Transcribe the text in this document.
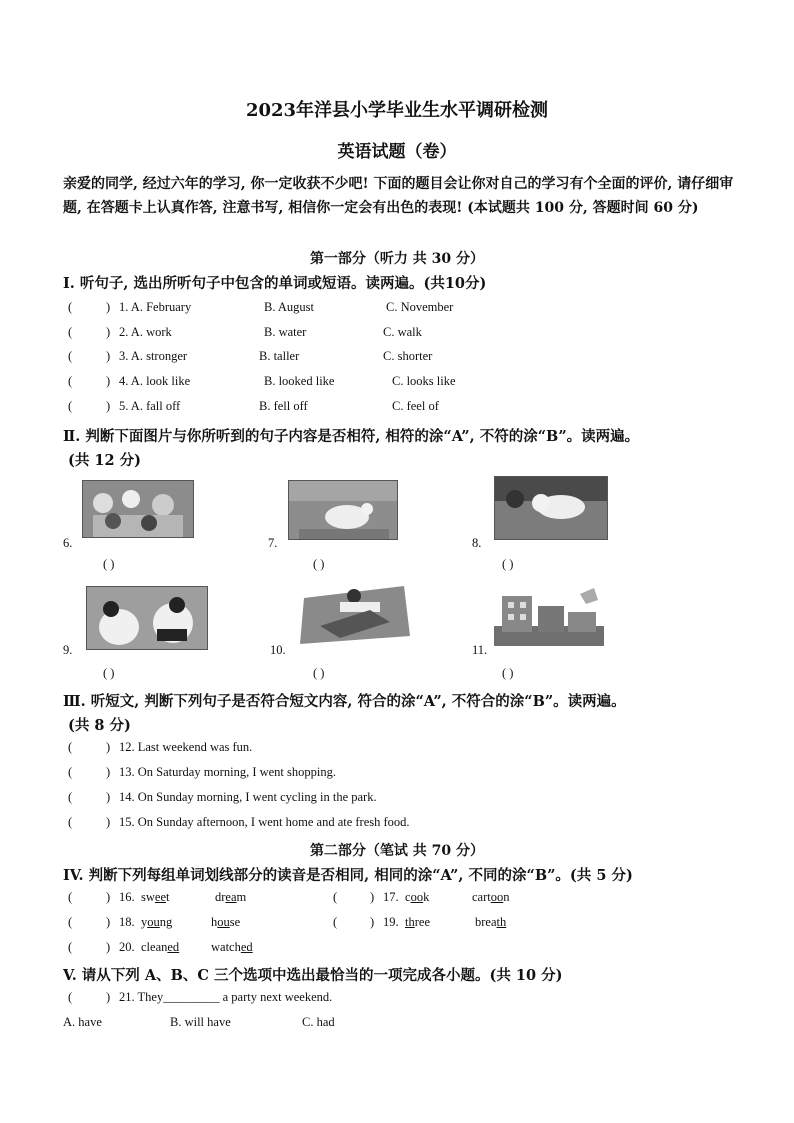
2023年洋县小学毕业生水平调研检测
英语试题（卷）
亲爱的同学, 经过六年的学习, 你一定收获不少吧! 下面的题目会让你对自己的学习有个全面的评价, 请仔细审题, 在答题卡上认真作答, 注意书写, 相信你一定会有出色的表现! (本试题共 100 分, 答题时间 60 分)
第一部分（听力 共 30 分）
I. 听句子, 选出所听句子中包含的单词或短语。读两遍。(共10分)
(	) 1. A. February	B. August	C. November
(	) 2. A. work	B. water	C. walk
(	) 3. A. stronger	B. taller	C. shorter
(	) 4. A. look like	B. looked like	C. looks like
(	) 5. A. fall off	B. fell off	C. feel of
Ⅱ. 判断下面图片与你所听到的句子内容是否相符, 相符的涂“A”, 不符的涂“B”。读两遍。
(共 12 分)
6.
( )
7.
( )
8.
( )
9.
( )
10.
( )
11.
( )
Ⅲ. 听短文, 判断下列句子是否符合短文内容, 符合的涂“A”, 不符合的涂“B”。读两遍。
(共 8 分)
(	) 12. Last weekend was fun.
(	) 13. On Saturday morning, I went shopping.
(	) 14. On Sunday morning, I went cycling in the park.
(	) 15. On Sunday afternoon, I went home and ate fresh food.
第二部分（笔试 共 70 分）
IV. 判断下列每组单词划线部分的读音是否相同, 相同的涂“A”, 不同的涂“B”。(共 5 分)
(	) 16. sweet	dream	(	) 17. cook	cartoon
(	) 18. young	house	(	) 19. three	breath
(	) 20. cleaned	watched
V. 请从下列 A、B、C 三个选项中选出最恰当的一项完成各小题。(共 10 分)
(	) 21. They_________ a party next weekend.
A. have	B. will have	C. had
